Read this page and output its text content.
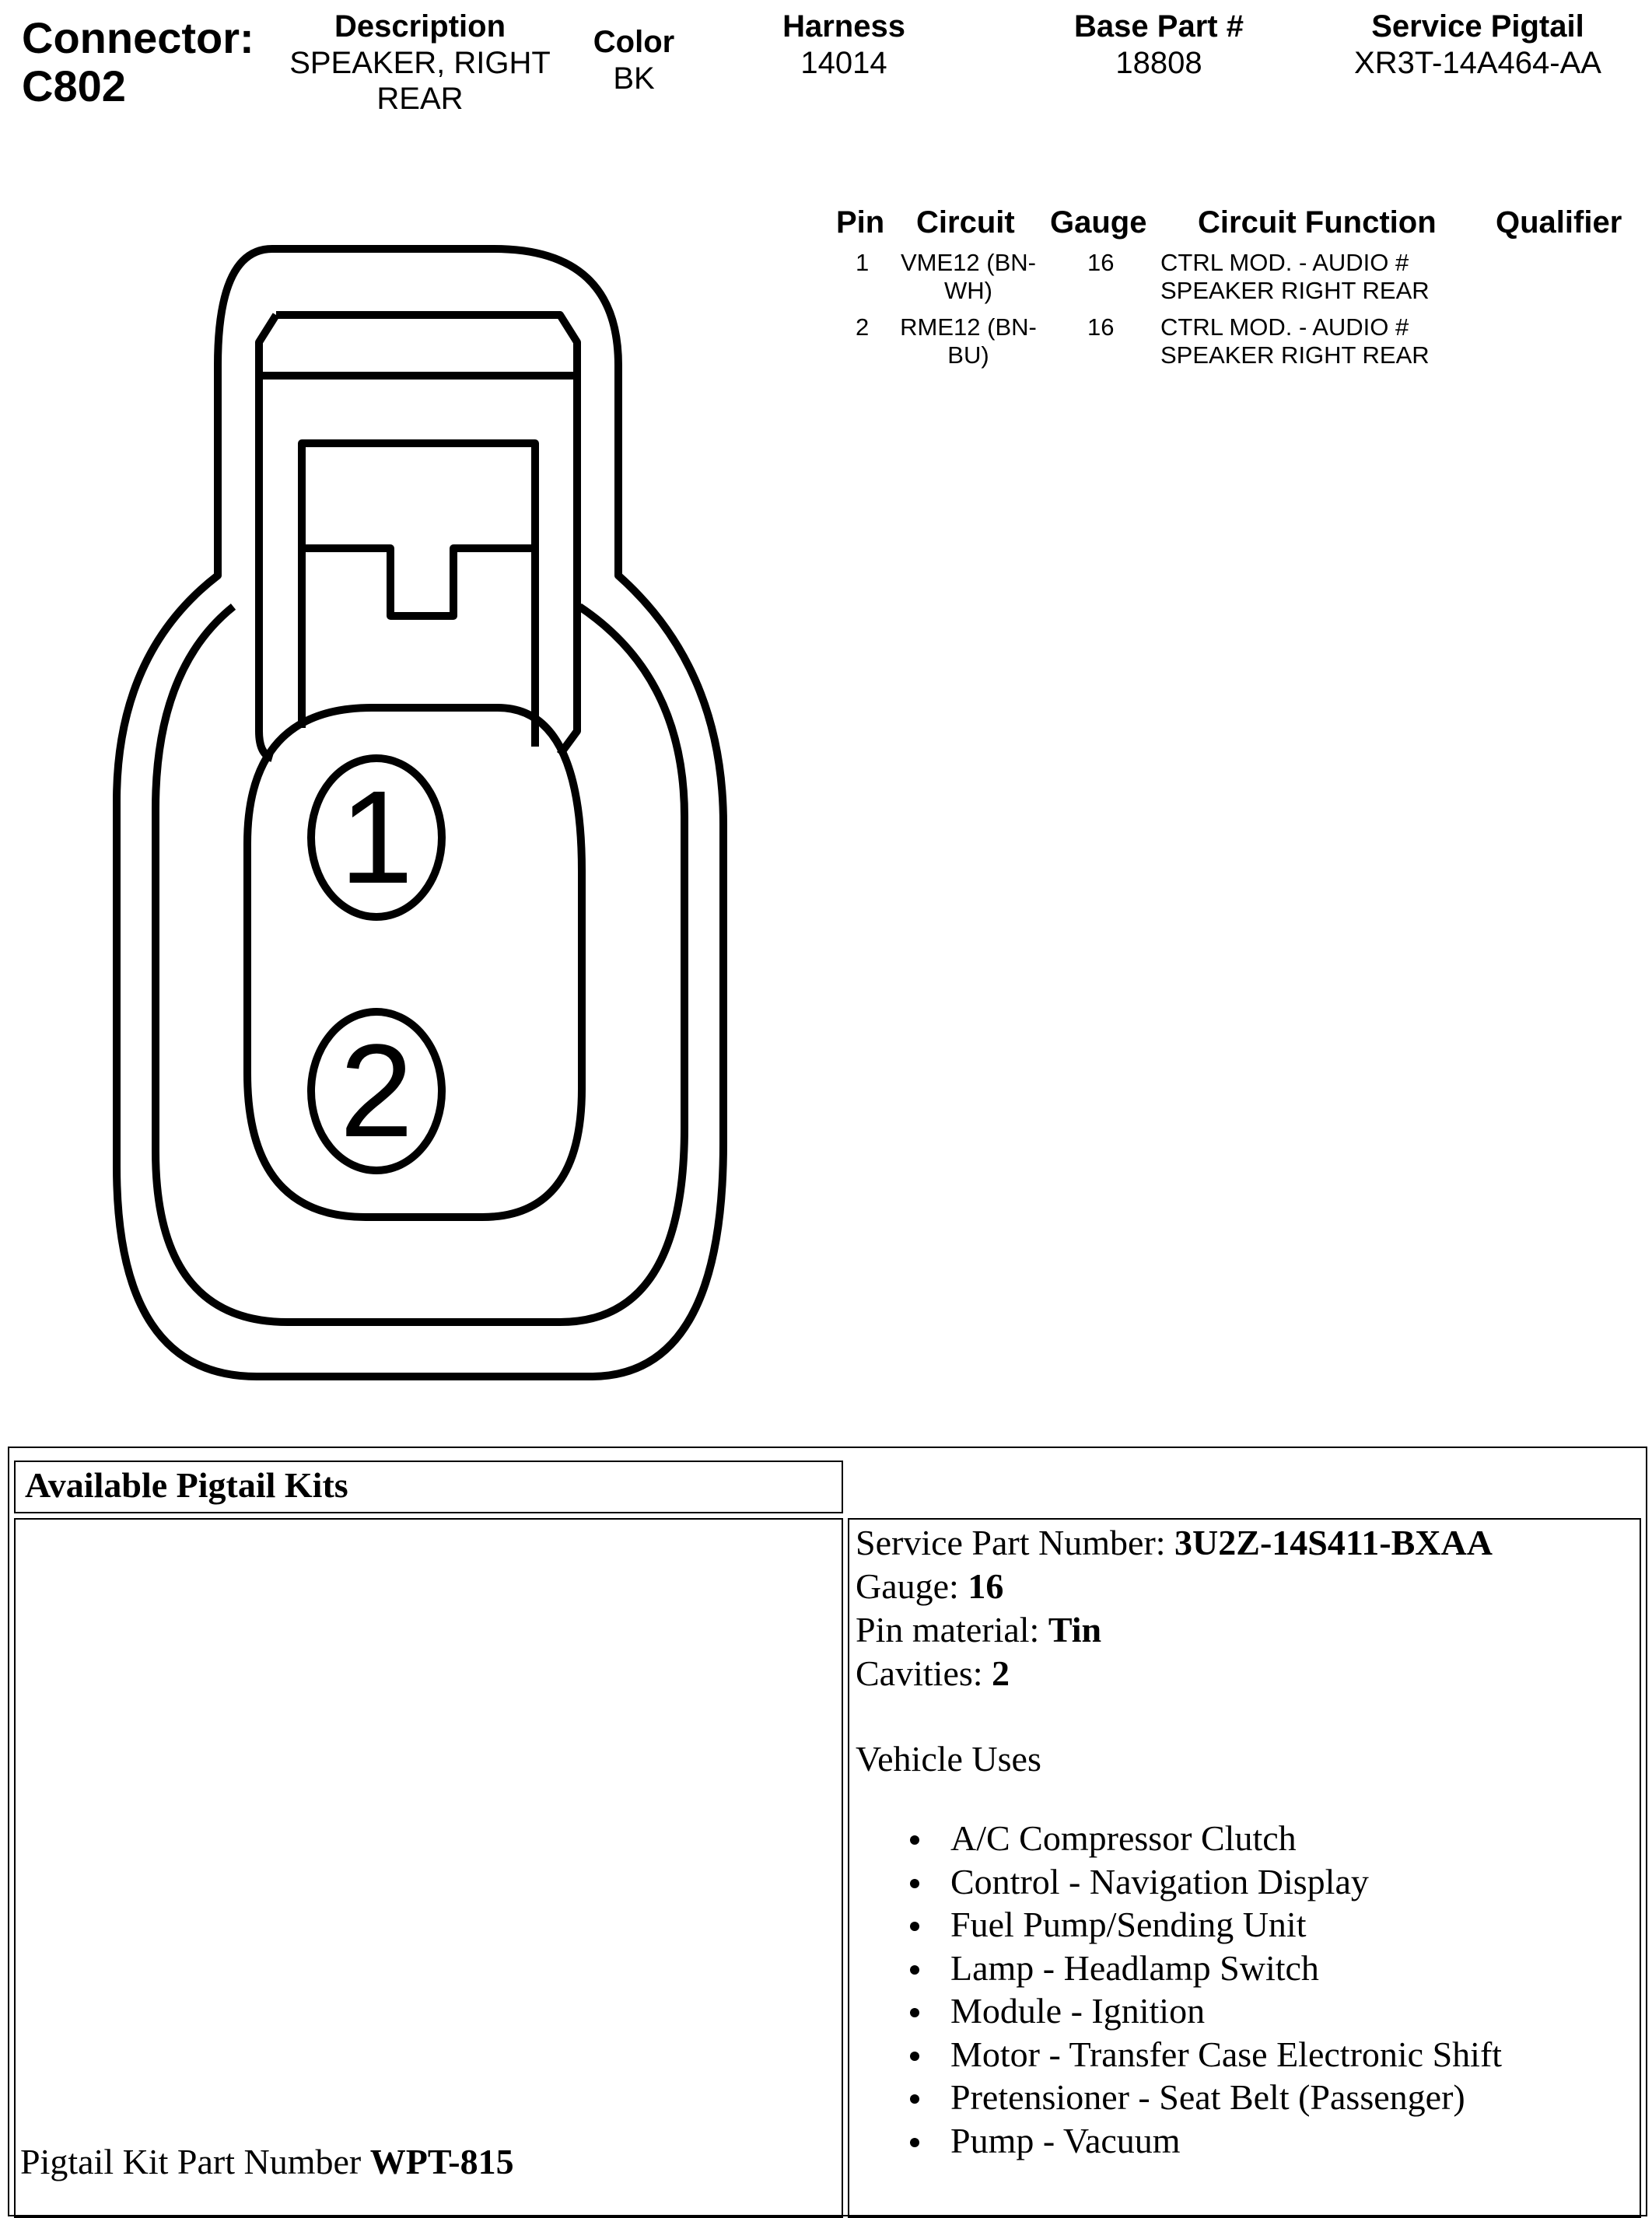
Connector:
C802
Description
SPEAKER, RIGHT
REAR
Color
BK
Harness
14014
Base Part #
18808
Service Pigtail
XR3T-14A464-AA
Pin Circuit Gauge Circuit Function Qualifier
1 VME12 (BN-
WH)
16 CTRL MOD. - AUDIO #
SPEAKER RIGHT REAR
2 RME12 (BN-
BU)
16 CTRL MOD. - AUDIO #
SPEAKER RIGHT REAR
1
2
Available Pigtail Kits
Service Part Number: 3U2Z-14S411-BXAA
Gauge: 16
Pin material: Tin
Cavities: 2
Vehicle Uses
A/C Compressor Clutch
Control - Navigation Display
Fuel Pump/Sending Unit
Lamp - Headlamp Switch
Module - Ignition
Motor - Transfer Case Electronic Shift
Pretensioner - Seat Belt (Passenger)
Pump - Vacuum
Pigtail Kit Part Number WPT-815
